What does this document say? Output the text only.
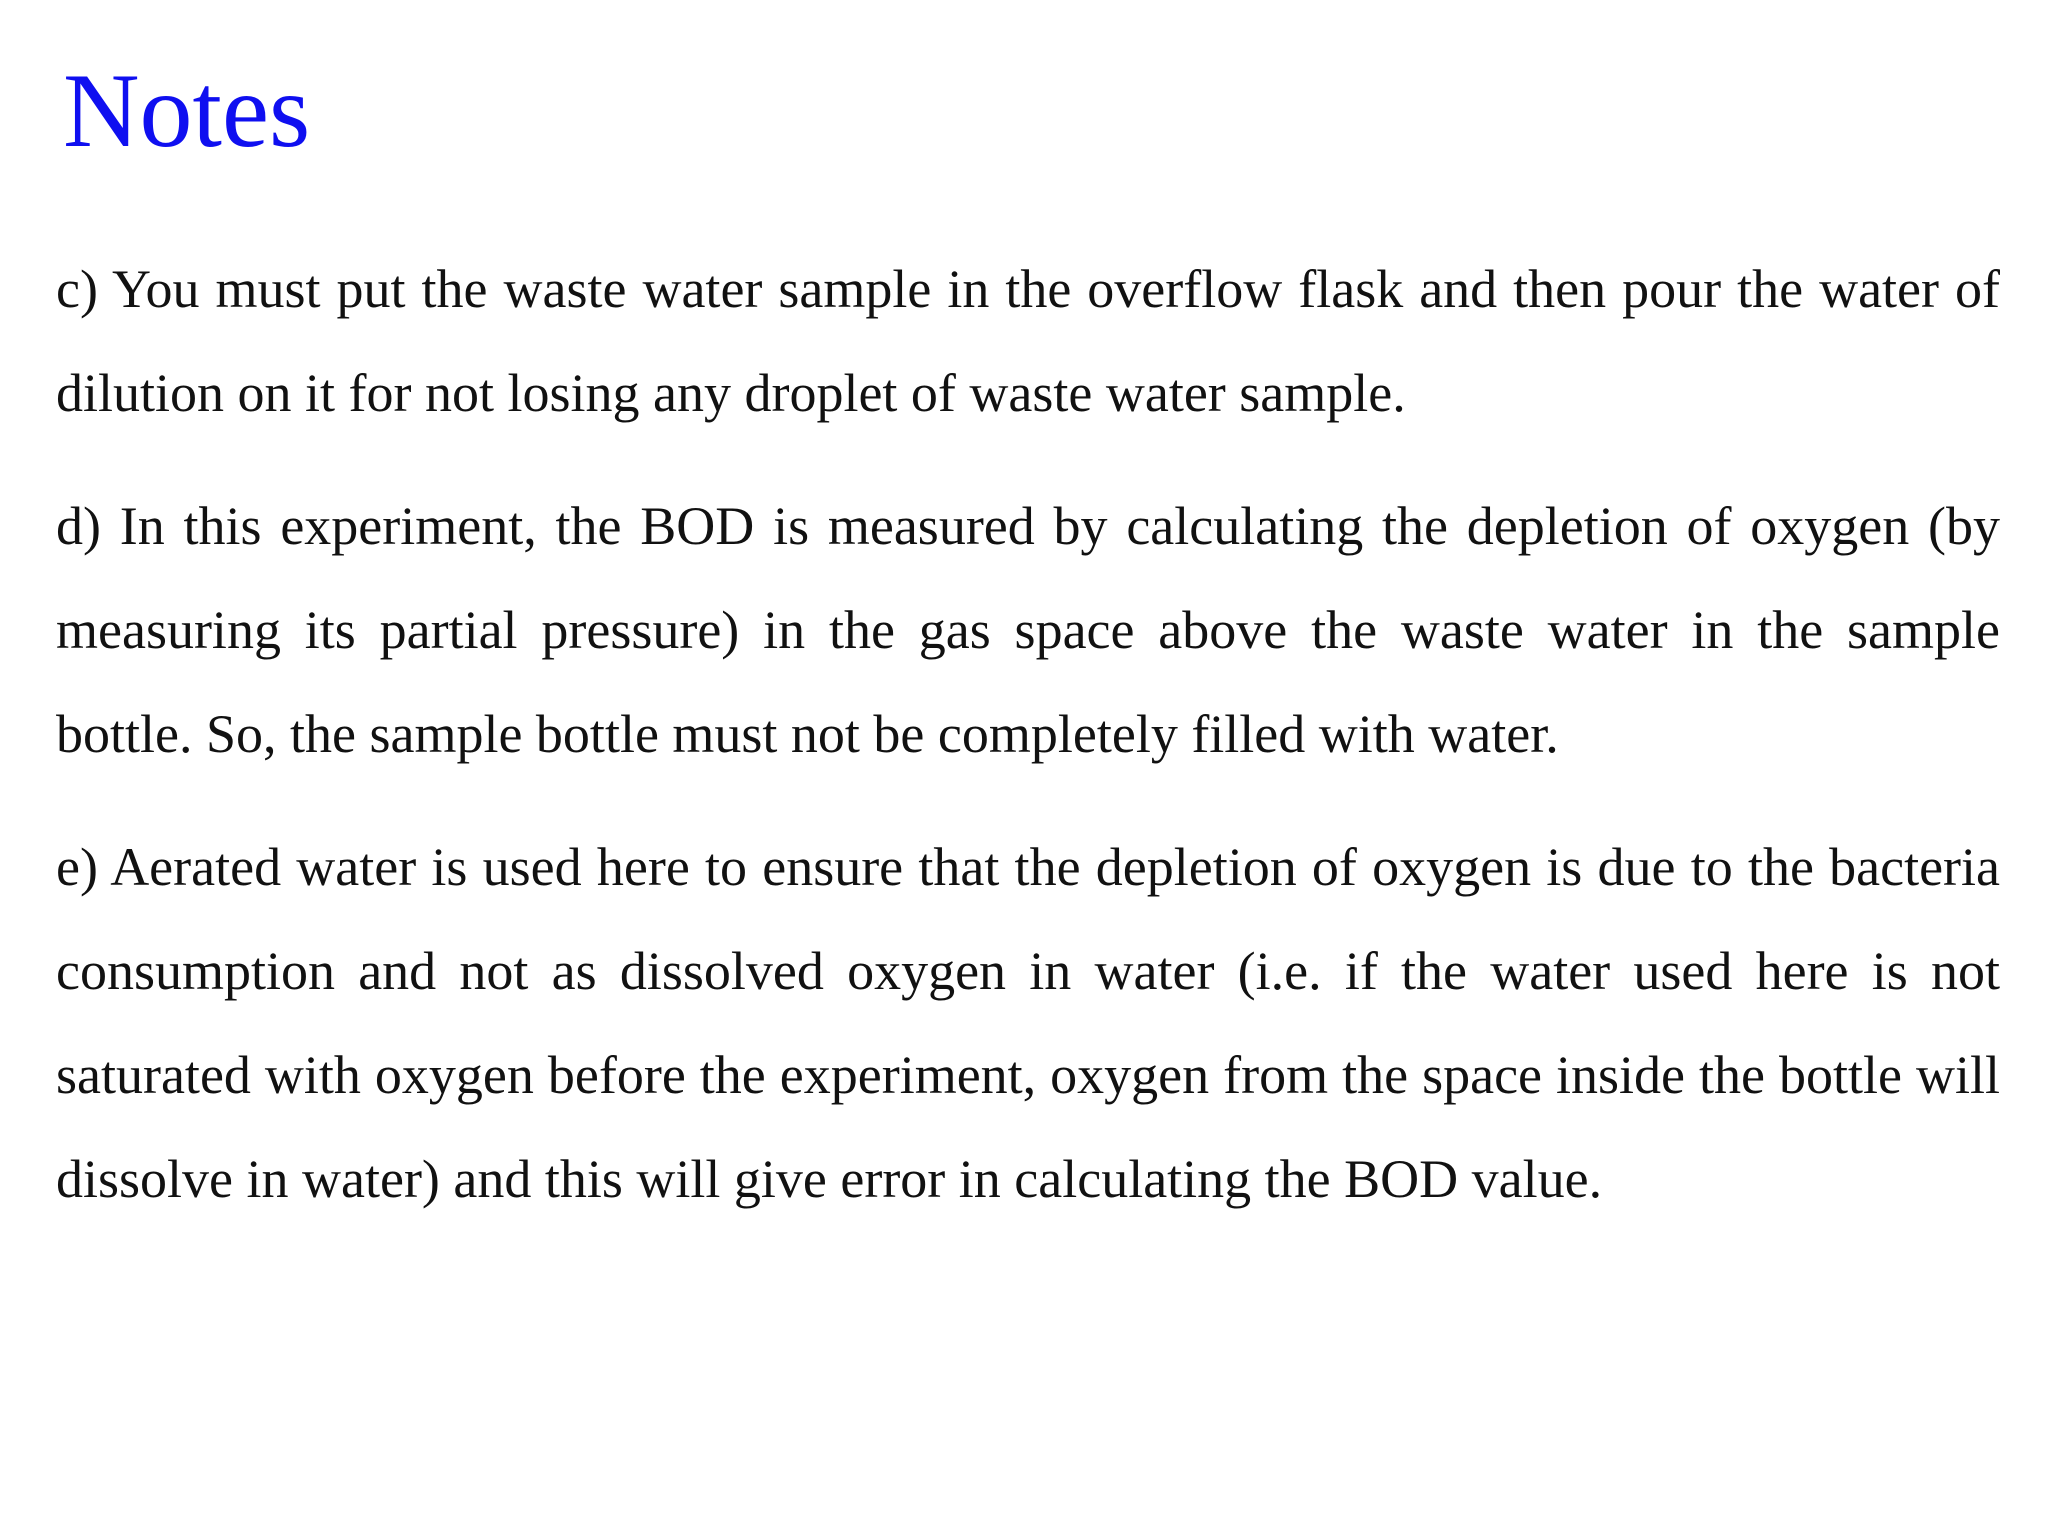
Notes

c) You must put the waste water sample in the overflow flask and then pour the water of dilution on it for not losing any droplet of waste water sample.

d) In this experiment, the BOD is measured by calculating the depletion of oxygen (by measuring its partial pressure) in the gas space above the waste water in the sample bottle. So, the sample bottle must not be completely filled with water.

e) Aerated water is used here to ensure that the depletion of oxygen is due to the bacteria consumption and not as dissolved oxygen in water (i.e. if the water used here is not saturated with oxygen before the experiment, oxygen from the space inside the bottle will dissolve in water) and this will give error in calculating the BOD value.
